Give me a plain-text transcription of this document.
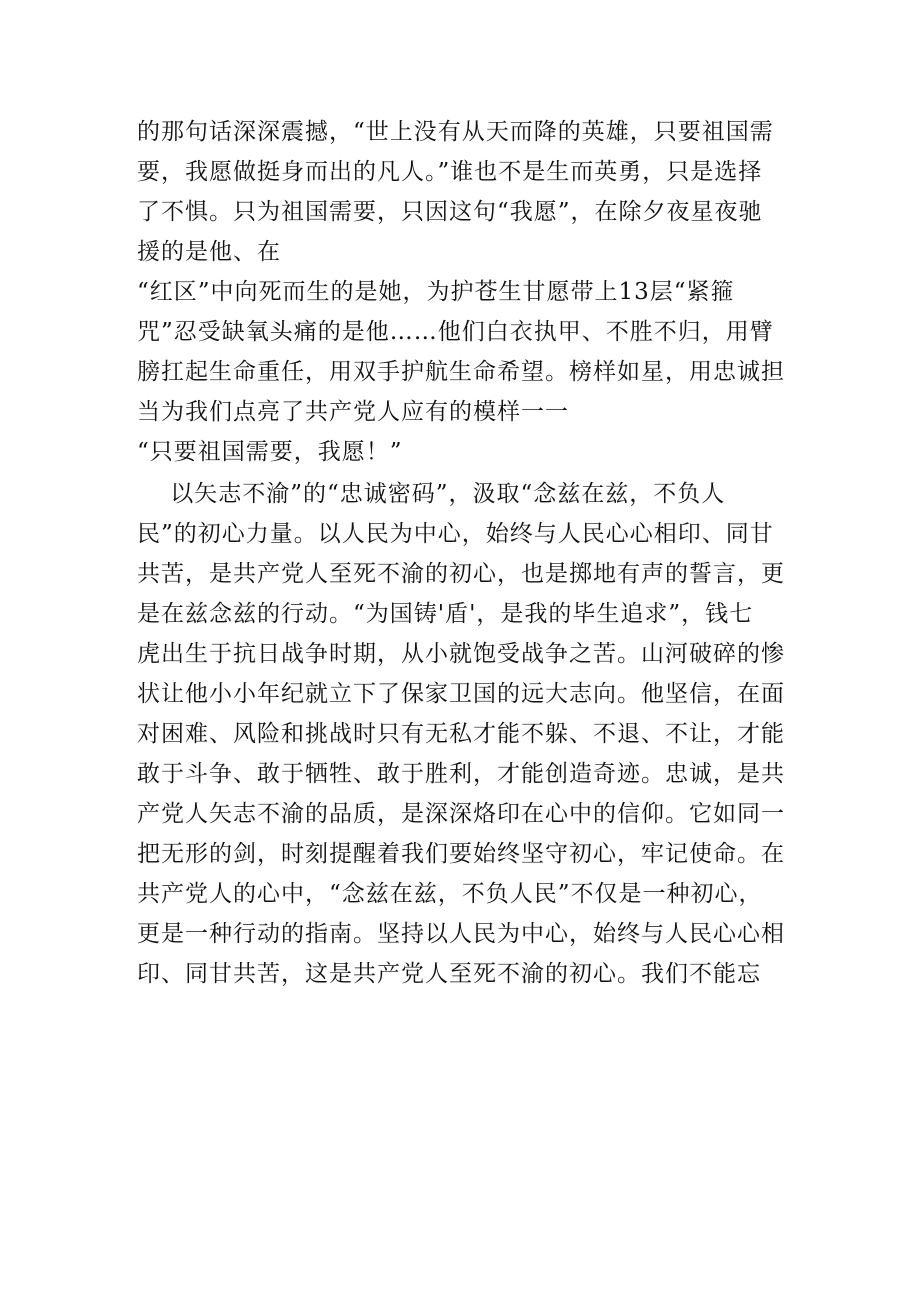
的那句话深深震撼，“世上没有从天而降的英雄，只要祖国需
要，我愿做挺身而出的凡人。”谁也不是生而英勇，只是选择
了不惧。只为祖国需要，只因这句“我愿”，在除夕夜星夜驰
援的是他、在
“红区”中向死而生的是她，为护苍生甘愿带上13层“紧箍
咒”忍受缺氧头痛的是他……他们白衣执甲、不胜不归，用臂
膀扛起生命重任，用双手护航生命希望。榜样如星，用忠诚担
当为我们点亮了共产党人应有的模样一一
“只要祖国需要，我愿！”
以矢志不渝”的“忠诚密码”，汲取“念兹在兹，不负人
民”的初心力量。以人民为中心，始终与人民心心相印、同甘
共苦，是共产党人至死不渝的初心，也是掷地有声的誓言，更
是在兹念兹的行动。“为国铸'盾'，是我的毕生追求”，钱七
虎出生于抗日战争时期，从小就饱受战争之苦。山河破碎的惨
状让他小小年纪就立下了保家卫国的远大志向。他坚信，在面
对困难、风险和挑战时只有无私才能不躲、不退、不让，才能
敢于斗争、敢于牺牲、敢于胜利，才能创造奇迹。忠诚，是共
产党人矢志不渝的品质，是深深烙印在心中的信仰。它如同一
把无形的剑，时刻提醒着我们要始终坚守初心，牢记使命。在
共产党人的心中，“念兹在兹，不负人民”不仅是一种初心，
更是一种行动的指南。坚持以人民为中心，始终与人民心心相
印、同甘共苦，这是共产党人至死不渝的初心。我们不能忘
